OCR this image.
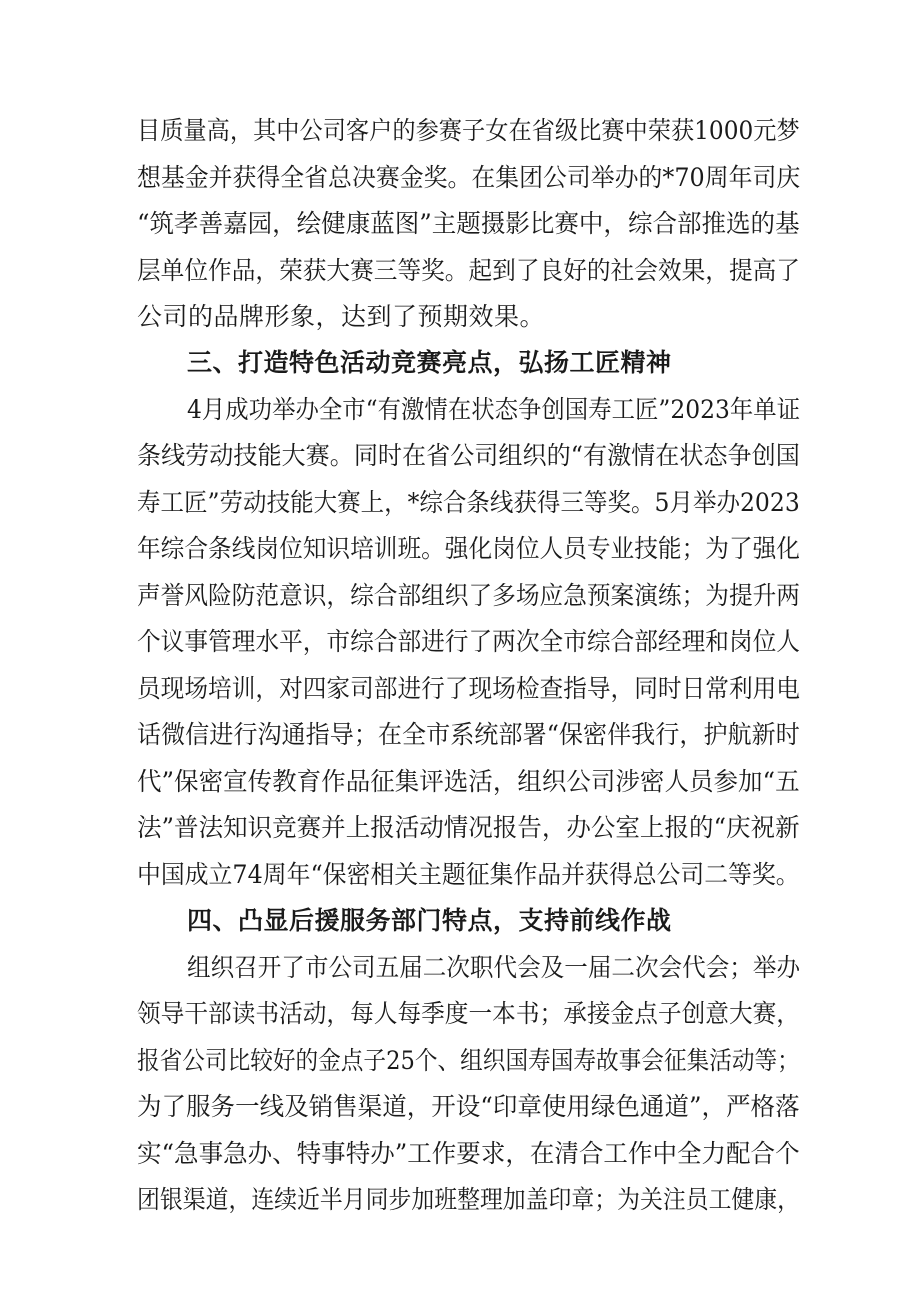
目质量高，其中公司客户的参赛子女在省级比赛中荣获1000元梦
想基金并获得全省总决赛金奖。在集团公司举办的*70周年司庆
“筑孝善嘉园，绘健康蓝图”主题摄影比赛中，综合部推选的基
层单位作品，荣获大赛三等奖。起到了良好的社会效果，提高了
公司的品牌形象，达到了预期效果。
三、打造特色活动竞赛亮点，弘扬工匠精神
4月成功举办全市“有激情在状态争创国寿工匠”2023年单证
条线劳动技能大赛。同时在省公司组织的“有激情在状态争创国
寿工匠”劳动技能大赛上，*综合条线获得三等奖。5月举办2023
年综合条线岗位知识培训班。强化岗位人员专业技能；为了强化
声誉风险防范意识，综合部组织了多场应急预案演练；为提升两
个议事管理水平，市综合部进行了两次全市综合部经理和岗位人
员现场培训，对四家司部进行了现场检查指导，同时日常利用电
话微信进行沟通指导；在全市系统部署“保密伴我行，护航新时
代”保密宣传教育作品征集评选活，组织公司涉密人员参加“五
法”普法知识竞赛并上报活动情况报告，办公室上报的“庆祝新
中国成立74周年“保密相关主题征集作品并获得总公司二等奖。
四、凸显后援服务部门特点，支持前线作战
组织召开了市公司五届二次职代会及一届二次会代会；举办
领导干部读书活动，每人每季度一本书；承接金点子创意大赛，
报省公司比较好的金点子25个、组织国寿国寿故事会征集活动等；
为了服务一线及销售渠道，开设“印章使用绿色通道”，严格落
实“急事急办、特事特办”工作要求，在清合工作中全力配合个
团银渠道，连续近半月同步加班整理加盖印章；为关注员工健康，
